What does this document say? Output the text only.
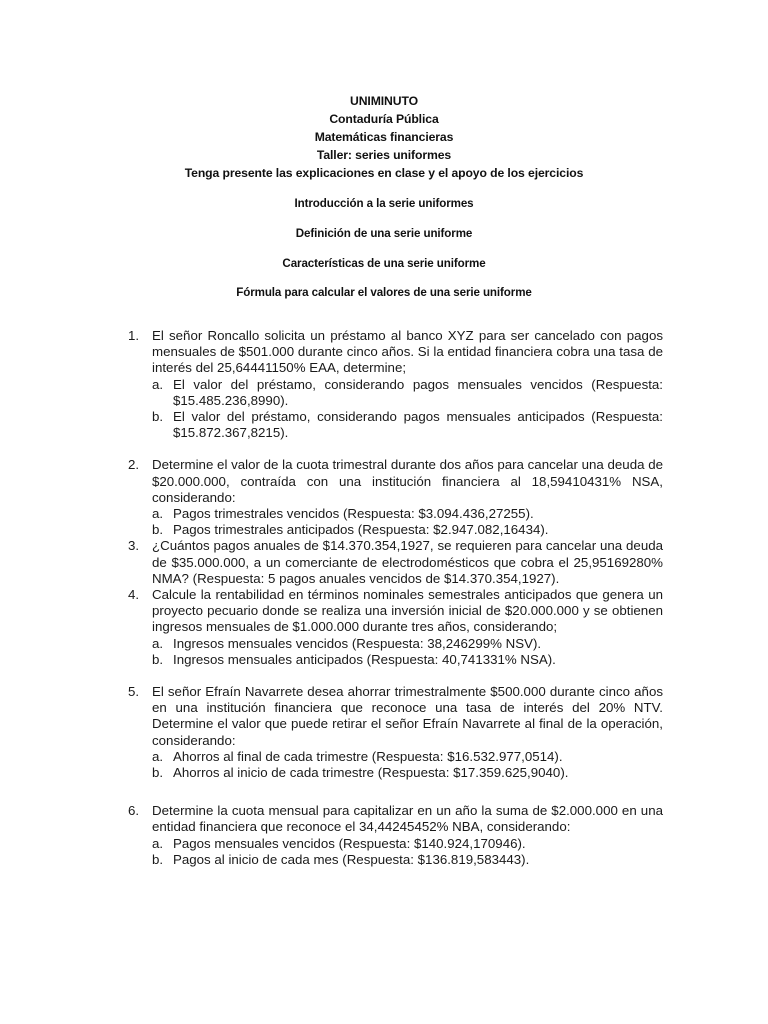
UNIMINUTO
Contaduría Pública
Matemáticas financieras
Taller: series uniformes
Tenga presente las explicaciones en clase y el apoyo de los ejercicios
Introducción a la serie uniformes
Definición de una serie uniforme
Características de una serie uniforme
Fórmula para calcular el valores de una serie uniforme
1. El señor Roncallo solicita un préstamo al banco XYZ para ser cancelado con pagos mensuales de $501.000 durante cinco años. Si la entidad financiera cobra una tasa de interés del 25,64441150% EAA, determine;
a. El valor del préstamo, considerando pagos mensuales vencidos (Respuesta: $15.485.236,8990).
b. El valor del préstamo, considerando pagos mensuales anticipados (Respuesta: $15.872.367,8215).
2. Determine el valor de la cuota trimestral durante dos años para cancelar una deuda de $20.000.000, contraída con una institución financiera al 18,59410431% NSA, considerando:
a. Pagos trimestrales vencidos (Respuesta: $3.094.436,27255).
b. Pagos trimestrales anticipados (Respuesta: $2.947.082,16434).
3. ¿Cuántos pagos anuales de $14.370.354,1927, se requieren para cancelar una deuda de $35.000.000, a un comerciante de electrodomésticos que cobra el 25,95169280% NMA? (Respuesta: 5 pagos anuales vencidos de $14.370.354,1927).
4. Calcule la rentabilidad en términos nominales semestrales anticipados que genera un proyecto pecuario donde se realiza una inversión inicial de $20.000.000 y se obtienen ingresos mensuales de $1.000.000 durante tres años, considerando;
a. Ingresos mensuales vencidos (Respuesta: 38,246299% NSV).
b. Ingresos mensuales anticipados (Respuesta: 40,741331% NSA).
5. El señor Efraín Navarrete desea ahorrar trimestralmente $500.000 durante cinco años en una institución financiera que reconoce una tasa de interés del 20% NTV. Determine el valor que puede retirar el señor Efraín Navarrete al final de la operación, considerando:
a. Ahorros al final de cada trimestre (Respuesta: $16.532.977,0514).
b. Ahorros al inicio de cada trimestre (Respuesta: $17.359.625,9040).
6. Determine la cuota mensual para capitalizar en un año la suma de $2.000.000 en una entidad financiera que reconoce el 34,44245452% NBA, considerando:
a. Pagos mensuales vencidos (Respuesta: $140.924,170946).
b. Pagos al inicio de cada mes (Respuesta: $136.819,583443).
